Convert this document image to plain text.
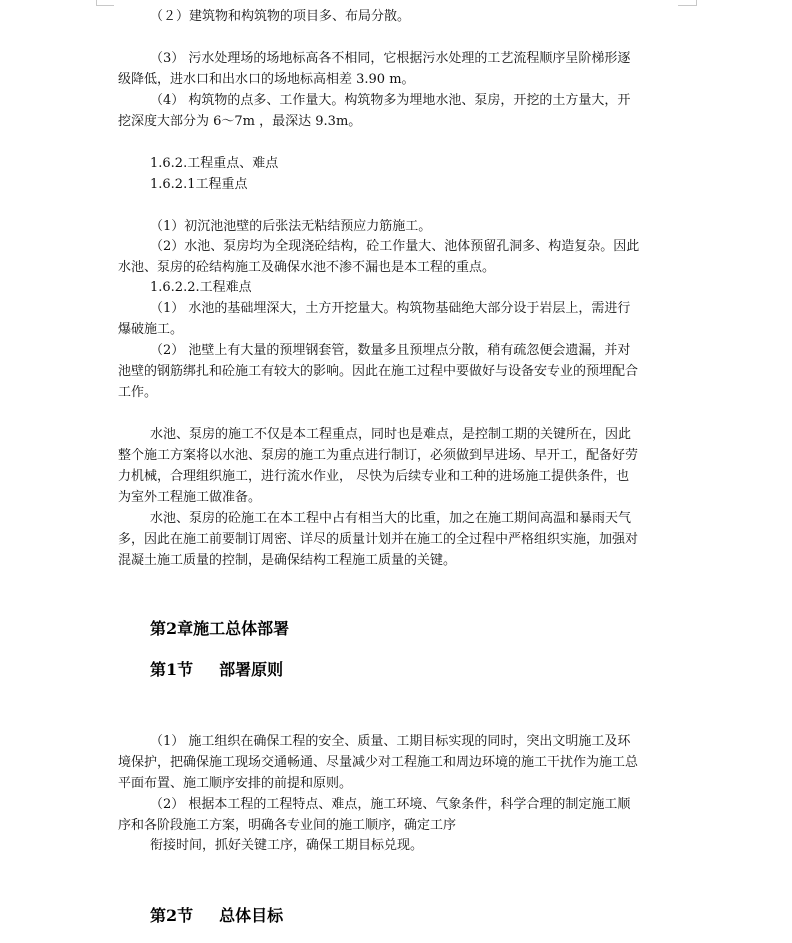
（２）建筑物和构筑物的项目多、布局分散。
（3） 污水处理场的场地标高各不相同，它根据污水处理的工艺流程顺序呈阶梯形逐
级降低，进水口和出水口的场地标高相差 3.90 m。
（4） 构筑物的点多、工作量大。构筑物多为埋地水池、泵房，开挖的土方量大，开
挖深度大部分为 6～7m ，最深达 9.3m。
1.6.2.工程重点、难点
1.6.2.1工程重点
（1）初沉池池壁的后张法无粘结预应力筋施工。
（2）水池、泵房均为全现浇砼结构，砼工作量大、池体预留孔洞多、构造复杂。因此
水池、泵房的砼结构施工及确保水池不渗不漏也是本工程的重点。
1.6.2.2.工程难点
（1） 水池的基础埋深大，土方开挖量大。构筑物基础绝大部分设于岩层上，需进行
爆破施工。
（2） 池壁上有大量的预埋钢套管，数量多且预埋点分散，稍有疏忽便会遗漏，并对
池壁的钢筋绑扎和砼施工有较大的影响。因此在施工过程中要做好与设备安专业的预埋配合
工作。
水池、泵房的施工不仅是本工程重点，同时也是难点，是控制工期的关键所在，因此
整个施工方案将以水池、泵房的施工为重点进行制订，必须做到早进场、早开工，配备好劳
力机械，合理组织施工，进行流水作业， 尽快为后续专业和工种的进场施工提供条件，也
为室外工程施工做准备。
水池、泵房的砼施工在本工程中占有相当大的比重，加之在施工期间高温和暴雨天气
多，因此在施工前要制订周密、详尽的质量计划并在施工的全过程中严格组织实施，加强对
混凝土施工质量的控制，是确保结构工程施工质量的关键。
第2章施工总体部署
第1节 部署原则
（1） 施工组织在确保工程的安全、质量、工期目标实现的同时，突出文明施工及环
境保护，把确保施工现场交通畅通、尽量减少对工程施工和周边环境的施工干扰作为施工总
平面布置、施工顺序安排的前提和原则。
（2） 根据本工程的工程特点、难点，施工环境、气象条件，科学合理的制定施工顺
序和各阶段施工方案，明确各专业间的施工顺序，确定工序
衔接时间，抓好关键工序，确保工期目标兑现。
第2节 总体目标
